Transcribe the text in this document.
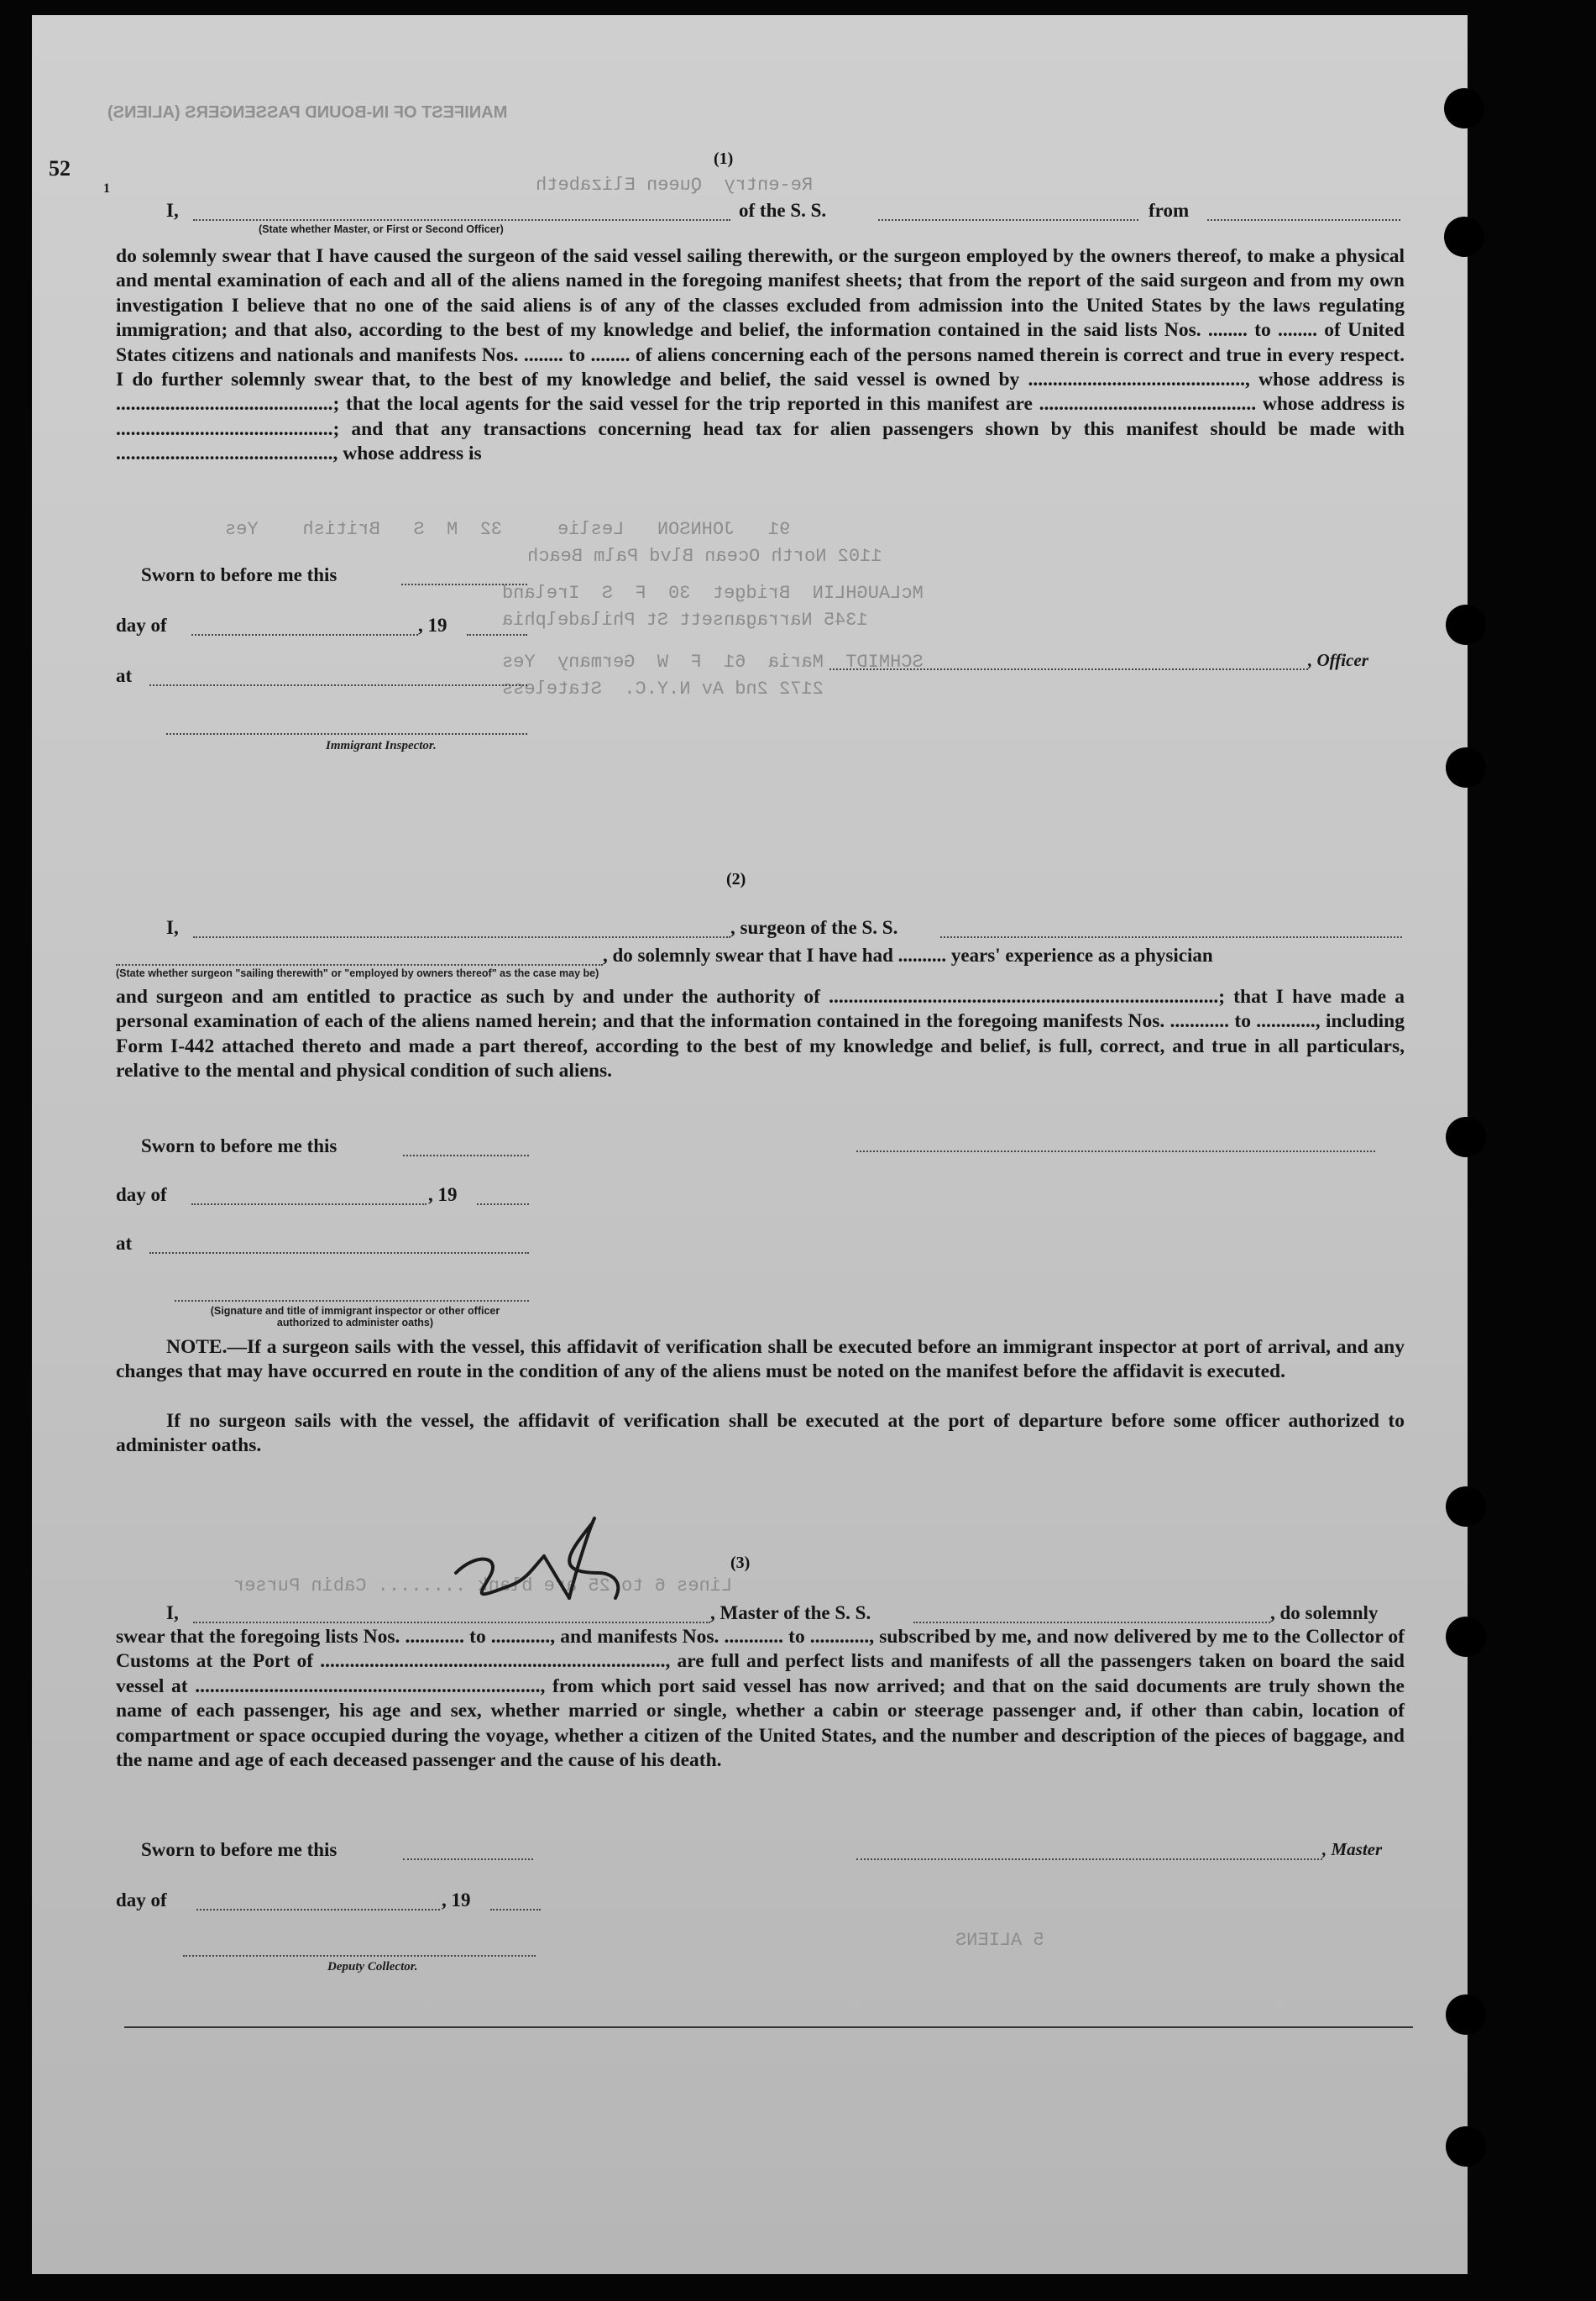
MANIFEST OF IN-BOUND PASSENGERS (ALIENS)
Re-entry  Queen Elizabeth
91   JOHNSON   Leslie     32  M  S   British    Yes
1102 North Ocean Blvd Palm Beach
McLAUGHLIN  Bridget  30  F  S  Ireland
1345 Narragansett St Philadelphia
SCHMIDT  Maria  61  F  W  Germany  Yes
2172 2nd Av N.Y.C.  Stateless
Lines 6 to 25 are blank ........ Cabin Purser
5 ALIENS
52
1
(1)
I,	of the S. S.	from
(State whether Master, or First or Second Officer)
do solemnly swear that I have caused the surgeon of the said vessel sailing therewith, or the surgeon employed by the owners thereof, to make a physical and mental examination of each and all of the aliens named in the foregoing manifest sheets; that from the report of the said surgeon and from my own investigation I believe that no one of the said aliens is of any of the classes excluded from admission into the United States by the laws regulating immigration; and that also, according to the best of my knowledge and belief, the information contained in the said lists Nos. ........ to ........ of United States citizens and nationals and manifests Nos. ........ to ........ of aliens concerning each of the persons named therein is correct and true in every respect. I do further solemnly swear that, to the best of my knowledge and belief, the said vessel is owned by ............................................, whose address is ............................................; that the local agents for the said vessel for the trip reported in this manifest are ............................................ whose address is ............................................; and that any transactions concerning head tax for alien passengers shown by this manifest should be made with ............................................, whose address is
Sworn to before me this
day of	, 19
at
Immigrant Inspector.
, Officer
(2)
I,	, surgeon of the S. S.
, do solemnly swear that I have had .......... years' experience as a physician
(State whether surgeon "sailing therewith" or "employed by owners thereof" as the case may be)
and surgeon and am entitled to practice as such by and under the authority of ...............................................................................; that I have made a personal examination of each of the aliens named herein; and that the information contained in the foregoing manifests Nos. ............ to ............, including Form I-442 attached thereto and made a part thereof, according to the best of my knowledge and belief, is full, correct, and true in all particulars, relative to the mental and physical condition of such aliens.
Sworn to before me this
day of	, 19
at
(Signature and title of immigrant inspector or other officer authorized to administer oaths)
NOTE.—If a surgeon sails with the vessel, this affidavit of verification shall be executed before an immigrant inspector at port of arrival, and any changes that may have occurred en route in the condition of any of the aliens must be noted on the manifest before the affidavit is executed.
If no surgeon sails with the vessel, the affidavit of verification shall be executed at the port of departure before some officer authorized to administer oaths.
(3)
I,	, Master of the S. S.	, do solemnly
swear that the foregoing lists Nos. ............ to ............, and manifests Nos. ............ to ............, subscribed by me, and now delivered by me to the Collector of Customs at the Port of ......................................................................, are full and perfect lists and manifests of all the passengers taken on board the said vessel at ......................................................................, from which port said vessel has now arrived; and that on the said documents are truly shown the name of each passenger, his age and sex, whether married or single, whether a cabin or steerage passenger and, if other than cabin, location of compartment or space occupied during the voyage, whether a citizen of the United States, and the number and description of the pieces of baggage, and the name and age of each deceased passenger and the cause of his death.
Sworn to before me this
day of	, 19
Deputy Collector.
, Master
